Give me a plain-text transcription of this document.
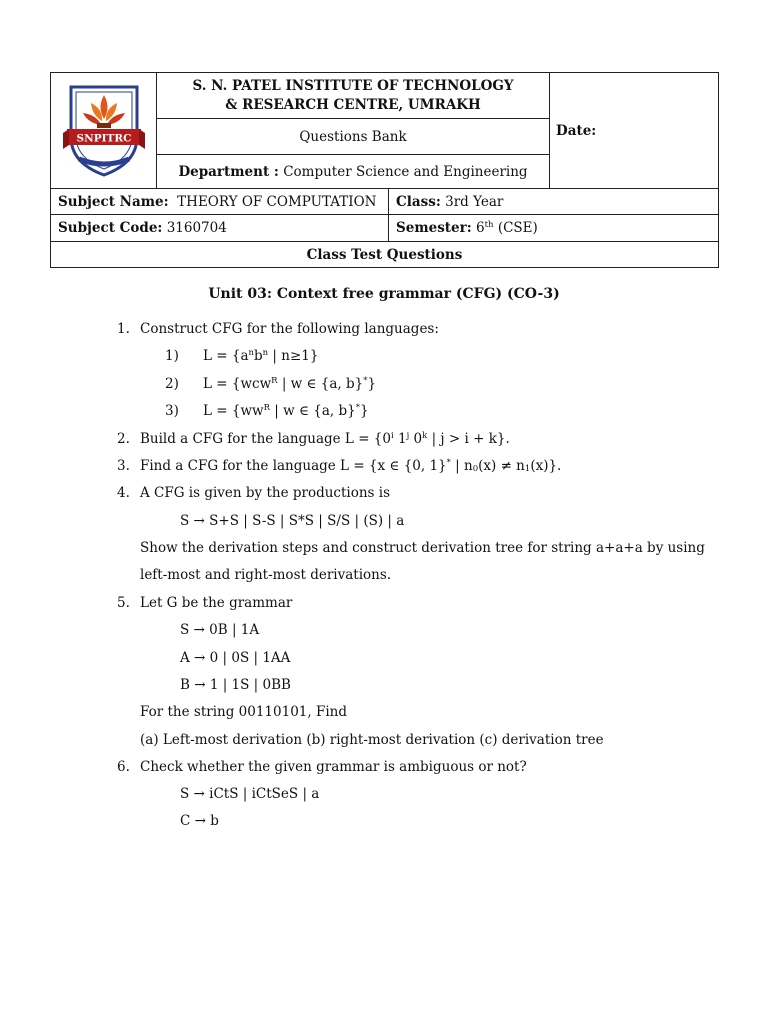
SNPITRC	S. N. PATEL INSTITUTE OF TECHNOLOGY
& RESEARCH CENTRE, UMRAKH		Date:
	Questions Bank		
	Department : Computer Science and Engineering		
Subject Name: THEORY OF COMPUTATION		Class: 3rd Year	
Subject Code: 3160704		Semester: 6th (CSE)	
Class Test Questions			
Unit 03: Context free grammar (CFG) (CO-3)
1. Construct CFG for the following languages:
1) $L = \{a^nb^n$ | n≥1}
2) L = {wcw$^R$ | w ∈ {a, b}*}
3) $L = \{ww^R$ | w ∈ {a, b}*}
2. Build a CFG for the language $L = \{0^i$ 1$^j$ 0$^k$ | j > i + k}.
3. Find a CFG for the language L = {x ∈ {0, 1}* | $n_0(x) \ne n_1(x)$}.
4. A CFG is given by the productions is
S → S+S | S-S | S*S | S/S | (S) | a
Show the derivation steps and construct derivation tree for string a+a+a by using
left-most and right-most derivations.
5. Let G be the grammar
S → 0B | 1A
A → 0 | 0S | 1AA
B → 1 | 1S | 0BB
For the string 00110101, Find
(a) Left-most derivation (b) right-most derivation (c) derivation tree
6. Check whether the given grammar is ambiguous or not?
S → iCtS | iCtSeS | a
C → b
